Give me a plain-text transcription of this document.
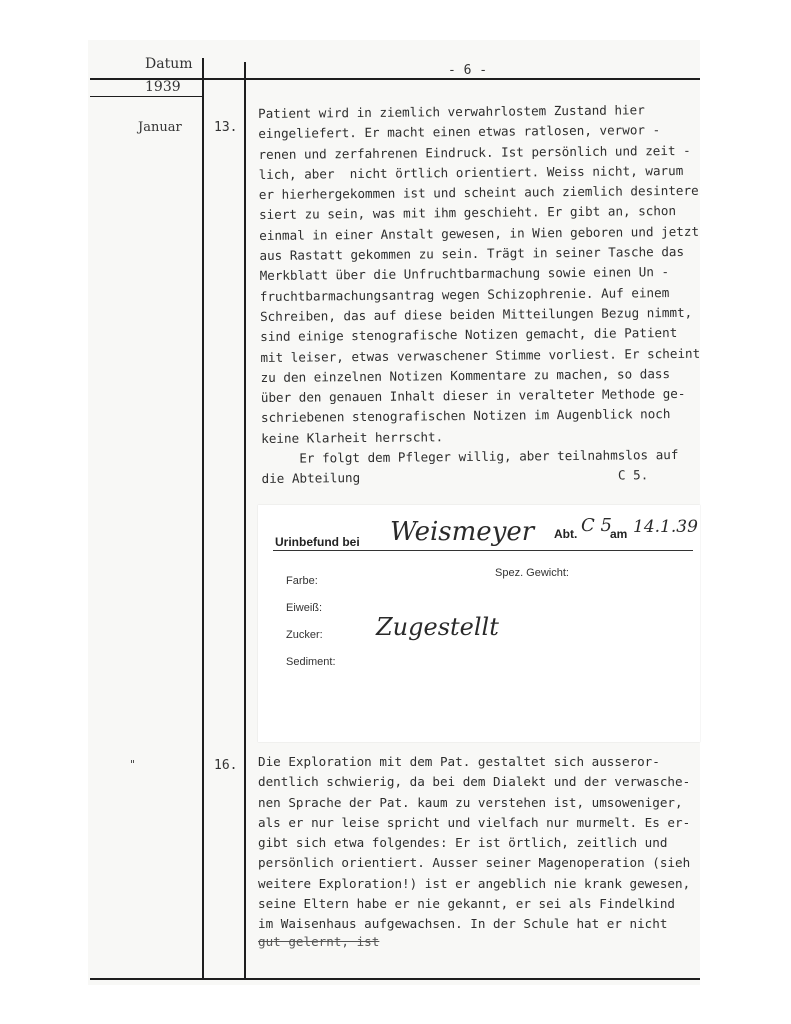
Datum
1939
- 6 -
Januar 13.
Patient wird in ziemlich verwahrlostem Zustand hier
eingeliefert. Er macht einen etwas ratlosen, verwor -
renen und zerfahrenen Eindruck. Ist persönlich und zeit -
lich, aber  nicht örtlich orientiert. Weiss nicht, warum
er hierhergekommen ist und scheint auch ziemlich desintere
siert zu sein, was mit ihm geschieht. Er gibt an, schon
einmal in einer Anstalt gewesen, in Wien geboren und jetzt
aus Rastatt gekommen zu sein. Trägt in seiner Tasche das
Merkblatt über die Unfruchtbarmachung sowie einen Un -
fruchtbarmachungsantrag wegen Schizophrenie. Auf einem
Schreiben, das auf diese beiden Mitteilungen Bezug nimmt,
sind einige stenografische Notizen gemacht, die Patient
mit leiser, etwas verwaschener Stimme vorliest. Er scheint
zu den einzelnen Notizen Kommentare zu machen, so dass
über den genauen Inhalt dieser in veralteter Methode ge-
schriebenen stenografischen Notizen im Augenblick noch
keine Klarheit herrscht.
Er folgt dem Pfleger willig, aber teilnahmslos auf
die Abteilung                                  C 5.
Urinbefund bei Weismeyer Abt. C 5
am 14.1.39
Farbe:
Eiweiß:
Zucker:
Sediment:
Spez. Gewicht:
Zugestellt
"	16. Die Exploration mit dem Pat. gestaltet sich ausseror-
dentlich schwierig, da bei dem Dialekt und der verwasche-
nen Sprache der Pat. kaum zu verstehen ist, umsoweniger,
als er nur leise spricht und vielfach nur murmelt. Es er-
gibt sich etwa folgendes: Er ist örtlich, zeitlich und
persönlich orientiert. Ausser seiner Magenoperation (sieh
weitere Exploration!) ist er angeblich nie krank gewesen,
seine Eltern habe er nie gekannt, er sei als Findelkind
im Waisenhaus aufgewachsen. In der Schule hat er nicht
gut gelernt, ist
